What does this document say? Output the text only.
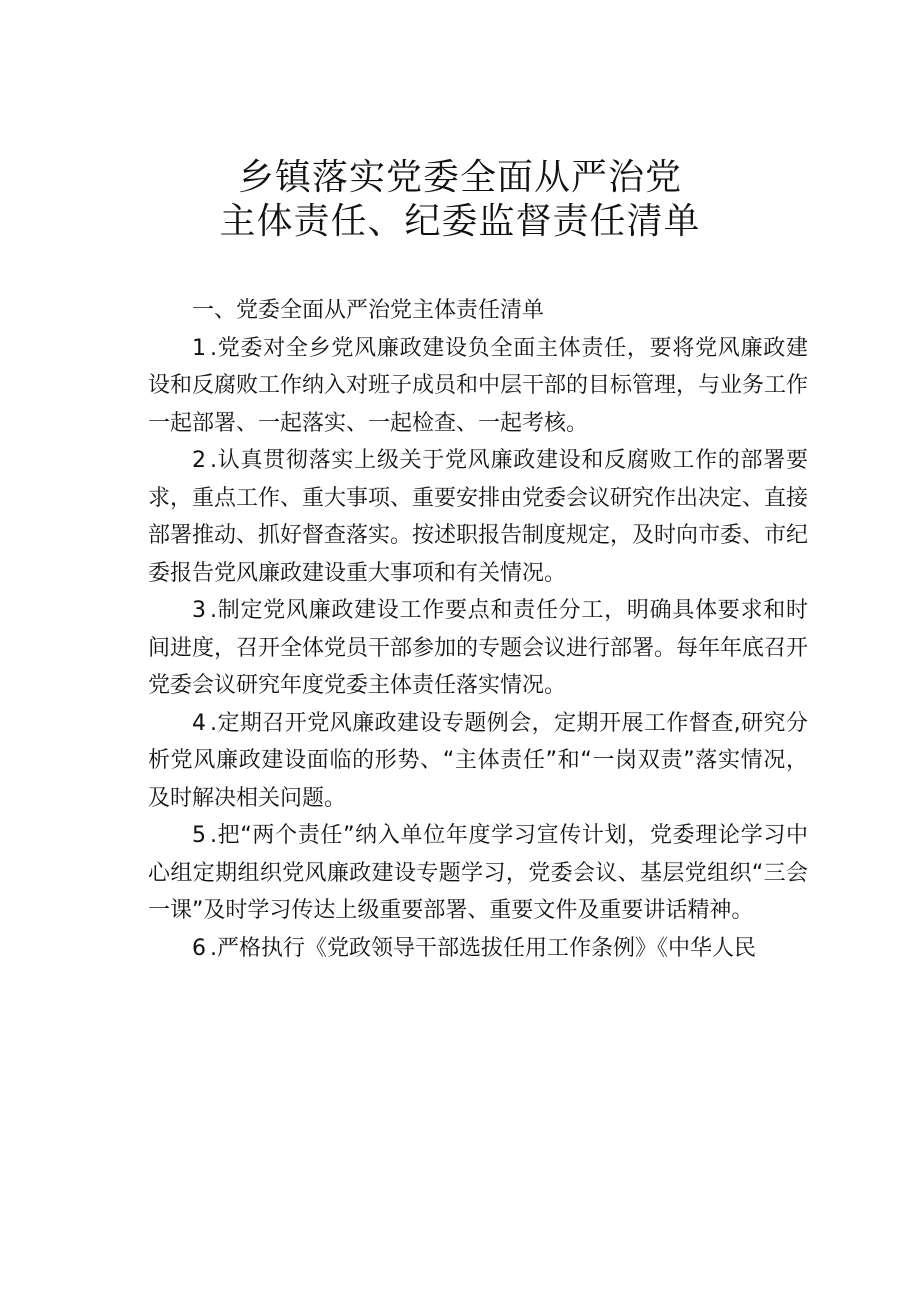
乡镇落实党委全面从严治党
主体责任、纪委监督责任清单

一、党委全面从严治党主体责任清单

1.党委对全乡党风廉政建设负全面主体责任，要将党风廉政建设和反腐败工作纳入对班子成员和中层干部的目标管理，与业务工作一起部署、一起落实、一起检查、一起考核。

2.认真贯彻落实上级关于党风廉政建设和反腐败工作的部署要求，重点工作、重大事项、重要安排由党委会议研究作出决定、直接部署推动、抓好督查落实。按述职报告制度规定，及时向市委、市纪委报告党风廉政建设重大事项和有关情况。

3.制定党风廉政建设工作要点和责任分工，明确具体要求和时间进度，召开全体党员干部参加的专题会议进行部署。每年年底召开党委会议研究年度党委主体责任落实情况。

4.定期召开党风廉政建设专题例会，定期开展工作督查,研究分析党风廉政建设面临的形势、“主体责任”和“一岗双责”落实情况，及时解决相关问题。

5.把“两个责任”纳入单位年度学习宣传计划，党委理论学习中心组定期组织党风廉政建设专题学习，党委会议、基层党组织“三会一课”及时学习传达上级重要部署、重要文件及重要讲话精神。

6.严格执行《党政领导干部选拔任用工作条例》《中华人民
